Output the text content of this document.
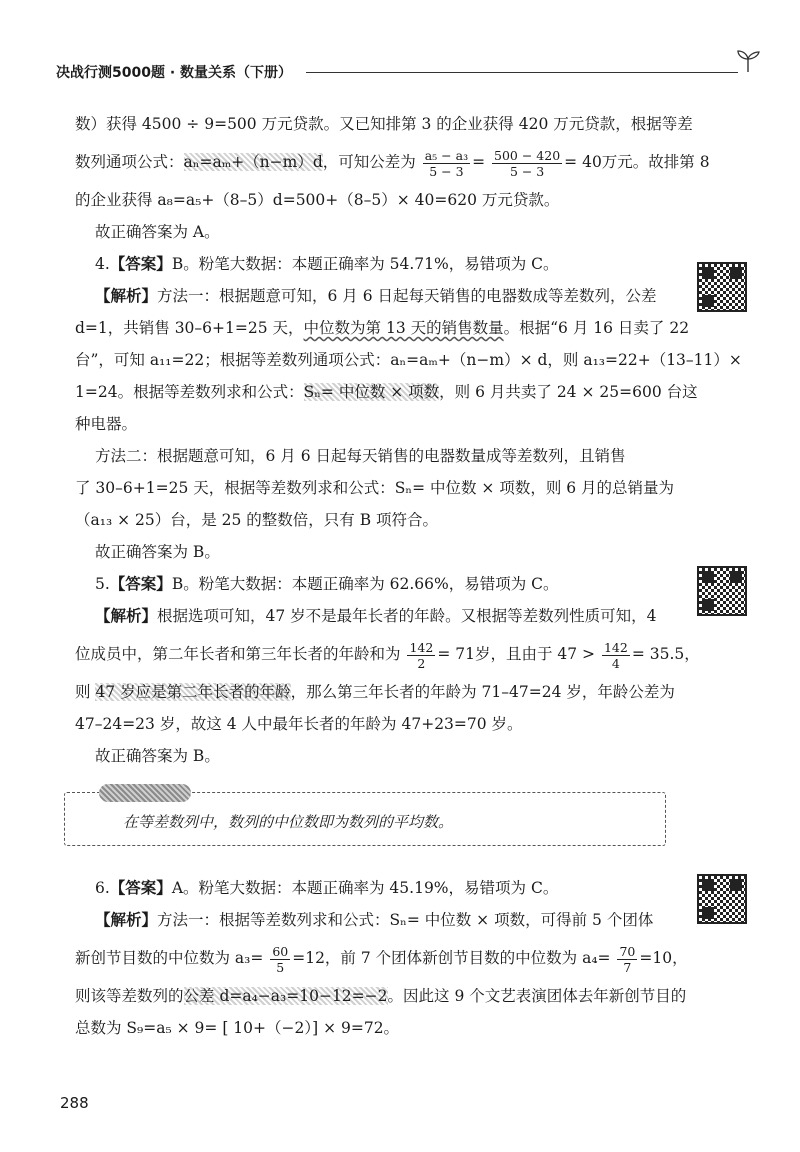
决战行测5000题 · 数量关系（下册）
数）获得 4500 ÷ 9=500 万元贷款。又已知排第 3 的企业获得 420 万元贷款，根据等差
数列通项公式：aₙ=aₘ+（n−m）d，可知公差为 $\frac{\text{a₅ − a₃}}{5 - 3} = \frac{500 - 420}{5 - 3} = 40$万元。故排第 8
的企业获得 a₈=a₅+（8–5）d=500+（8–5）× 40=620 万元贷款。
故正确答案为 A。
4.【答案】B。粉笔大数据：本题正确率为 54.71%，易错项为 C。
【解析】方法一：根据题意可知，6 月 6 日起每天销售的电器数成等差数列，公差
d=1，共销售 30–6+1=25 天，中位数为第 13 天的销售数量。根据“6 月 16 日卖了 22
台”，可知 a₁₁=22；根据等差数列通项公式：aₙ=aₘ+（n−m）× d，则 a₁₃=22+（13–11）×
1=24。根据等差数列求和公式：Sₙ= 中位数 × 项数，则 6 月共卖了 24 × 25=600 台这
种电器。
方法二：根据题意可知，6 月 6 日起每天销售的电器数量成等差数列，且销售
了 30–6+1=25 天，根据等差数列求和公式：Sₙ= 中位数 × 项数，则 6 月的总销量为
（a₁₃ × 25）台，是 25 的整数倍，只有 B 项符合。
故正确答案为 B。
5.【答案】B。粉笔大数据：本题正确率为 62.66%，易错项为 C。
【解析】根据选项可知，47 岁不是最年长者的年龄。又根据等差数列性质可知，4
位成员中，第二年长者和第三年长者的年龄和为 $\frac{142}{2} = 71$岁，且由于 $47 > \frac{142}{4} = 35.5$，
则 47 岁应是第二年长者的年龄，那么第三年长者的年龄为 71–47=24 岁，年龄公差为
47–24=23 岁，故这 4 人中最年长者的年龄为 47+23=70 岁。
故正确答案为 B。
在等差数列中，数列的中位数即为数列的平均数。
6.【答案】A。粉笔大数据：本题正确率为 45.19%，易错项为 C。
【解析】方法一：根据等差数列求和公式：Sₙ= 中位数 × 项数，可得前 5 个团体
新创节目数的中位数为 $a_3= \frac{60}{5} =12$，前 7 个团体新创节目数的中位数为 $a_4= \frac{70}{7} =10$，
则该等差数列的公差 d=a₄−a₃=10−12=−2。因此这 9 个文艺表演团体去年新创节目的
总数为 S₉=a₅ × 9= [ 10+（−2）] × 9=72。
288
